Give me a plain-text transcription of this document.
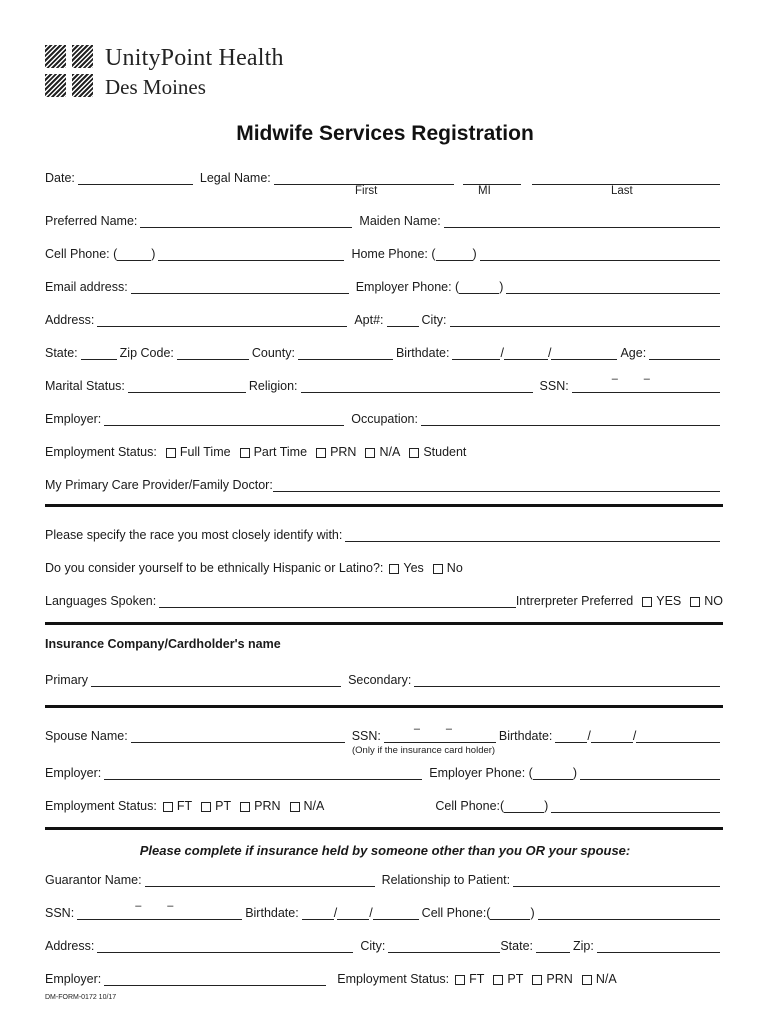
UnityPoint Health
Des Moines
Midwife Services Registration
Date:	Legal Name:
First	MI	Last
Preferred Name:	Maiden Name:
Cell Phone: (	)	Home Phone: (	)
Email address:	Employer Phone: (	)
Address:	Apt#:	City:
State:	Zip Code:	County:	Birthdate:	/	/	Age:
Marital Status:	Religion:	SSN:	– –
Employer:	Occupation:
Employment Status: Full Time Part Time PRN N/A Student
My Primary Care Provider/Family Doctor:
Please specify the race you most closely identify with:
Do you consider yourself to be ethnically Hispanic or Latino?: Yes No
Languages Spoken:	Intrerpreter Preferred YES NO
Insurance Company/Cardholder's name
Primary	Secondary:
Spouse Name:	SSN:	– –	Birthdate:	/	/
(Only if the insurance card holder)
Employer:	Employer Phone: (	)
Employment Status: FT PT PRN N/A	Cell Phone:(	)
Please complete if insurance held by someone other than you OR your spouse:
Guarantor Name:	Relationship to Patient:
SSN:	– –	Birthdate:	/	/	Cell Phone:(	)
Address:	City:	State:	Zip:
Employer:	Employment Status: FT PT PRN N/A
DM-FORM-0172 10/17
